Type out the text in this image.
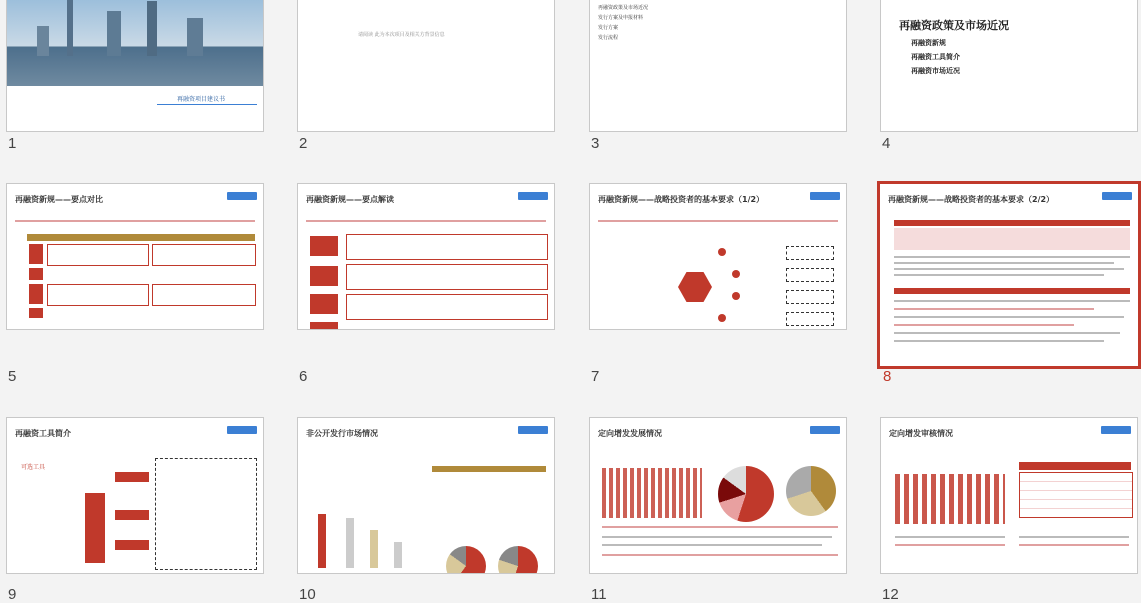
再融资项目建议书
1
请阅读 此为本次项目及相关方背景信息
2
再融资政策及市场近况
发行方案及申报材料
发行方案
发行流程
3
再融资政策及市场近况
再融资新规
再融资工具简介
再融资市场近况
4
再融资新规——要点对比
5
再融资新规——要点解读
6
再融资新规——战略投资者的基本要求（1/2）
7
再融资新规——战略投资者的基本要求（2/2）
8
再融资工具简介
可选工具
9
非公开发行市场情况
10
定向增发发展情况
11
定向增发审核情况
12
